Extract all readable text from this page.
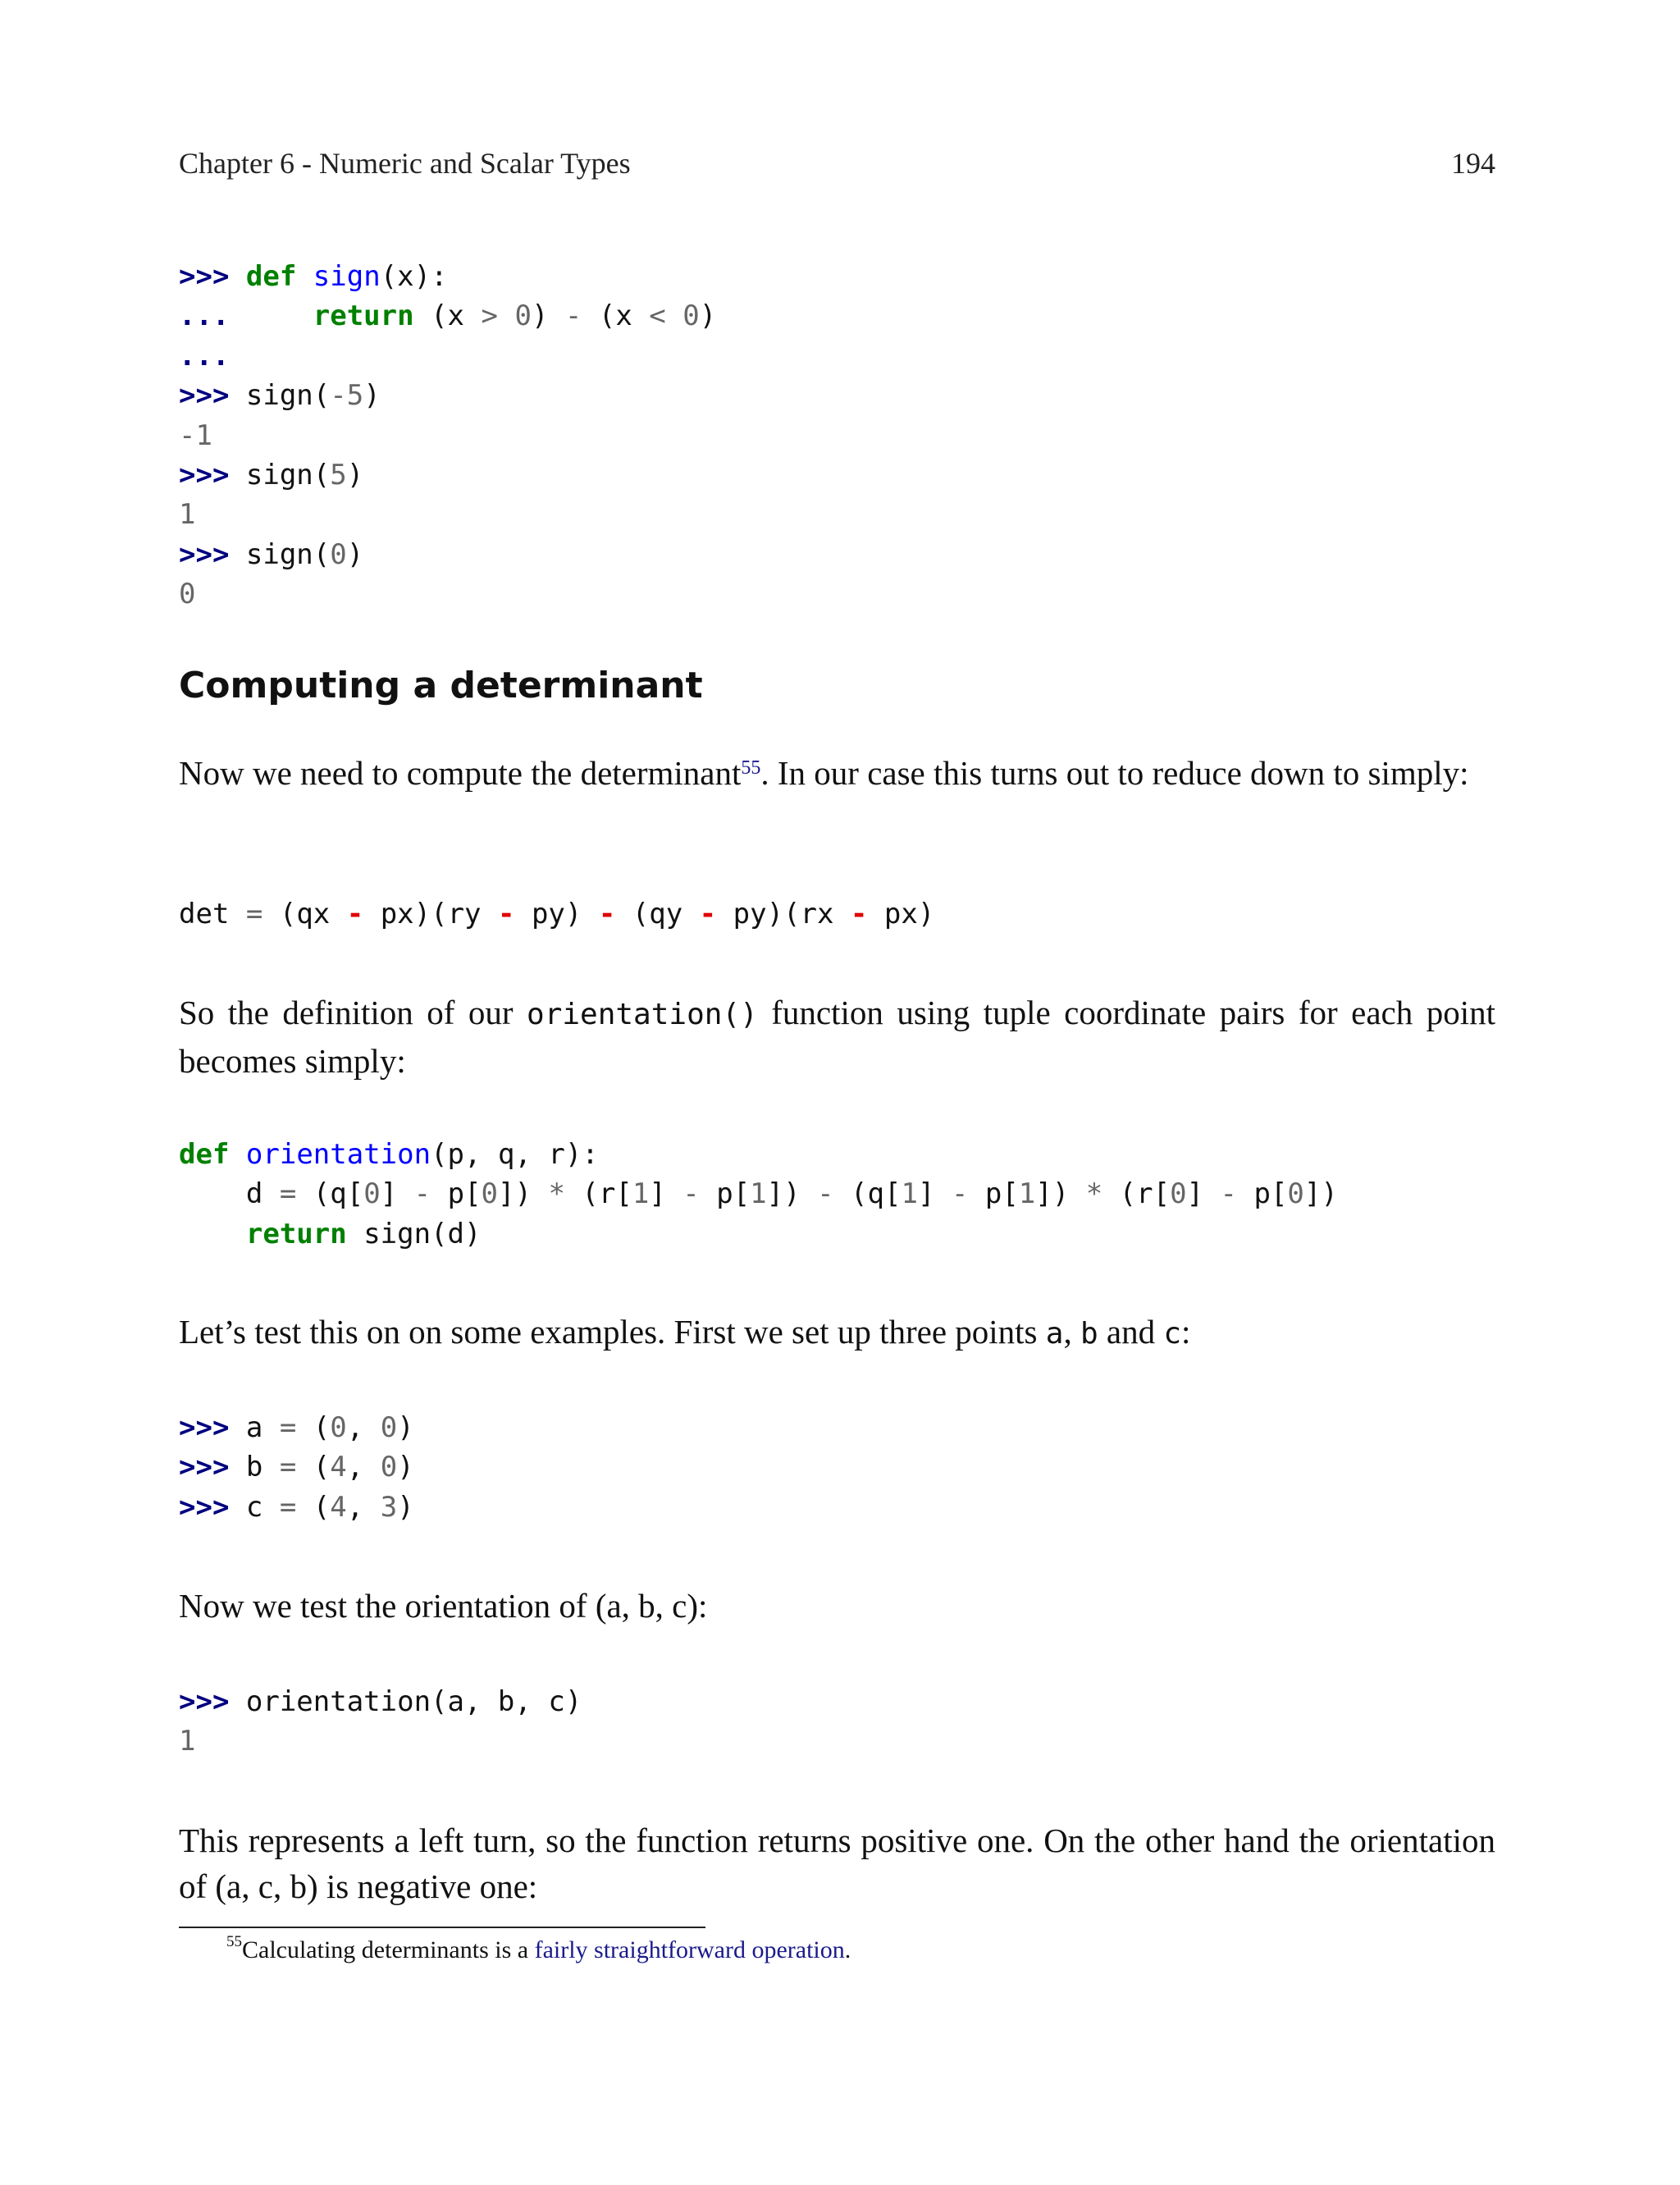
Chapter 6 - Numeric and Scalar Types	194
>>> def sign(x):
...     return (x > 0) - (x < 0)
...
>>> sign(-5)
-1
>>> sign(5)
1
>>> sign(0)
0
Computing a determinant
Now we need to compute the determinant$^{55}$. In our case this turns out to reduce down to simply:
det = (qx - px)(ry - py) - (qy - py)(rx - px)
So the definition of our orientation() function using tuple coordinate pairs for each point becomes simply:
def orientation(p, q, r):
d = (q[0] - p[0]) * (r[1] - p[1]) - (q[1] - p[1]) * (r[0] - p[0])
return sign(d)
Let’s test this on on some examples. First we set up three points a, b and c:
>>> a = (0, 0)
>>> b = (4, 0)
>>> c = (4, 3)
Now we test the orientation of (a, b, c):
>>> orientation(a, b, c)
1
This represents a left turn, so the function returns positive one. On the other hand the orientation of (a, c, b) is negative one:
$^{55}$Calculating determinants is a fairly straightforward operation.
